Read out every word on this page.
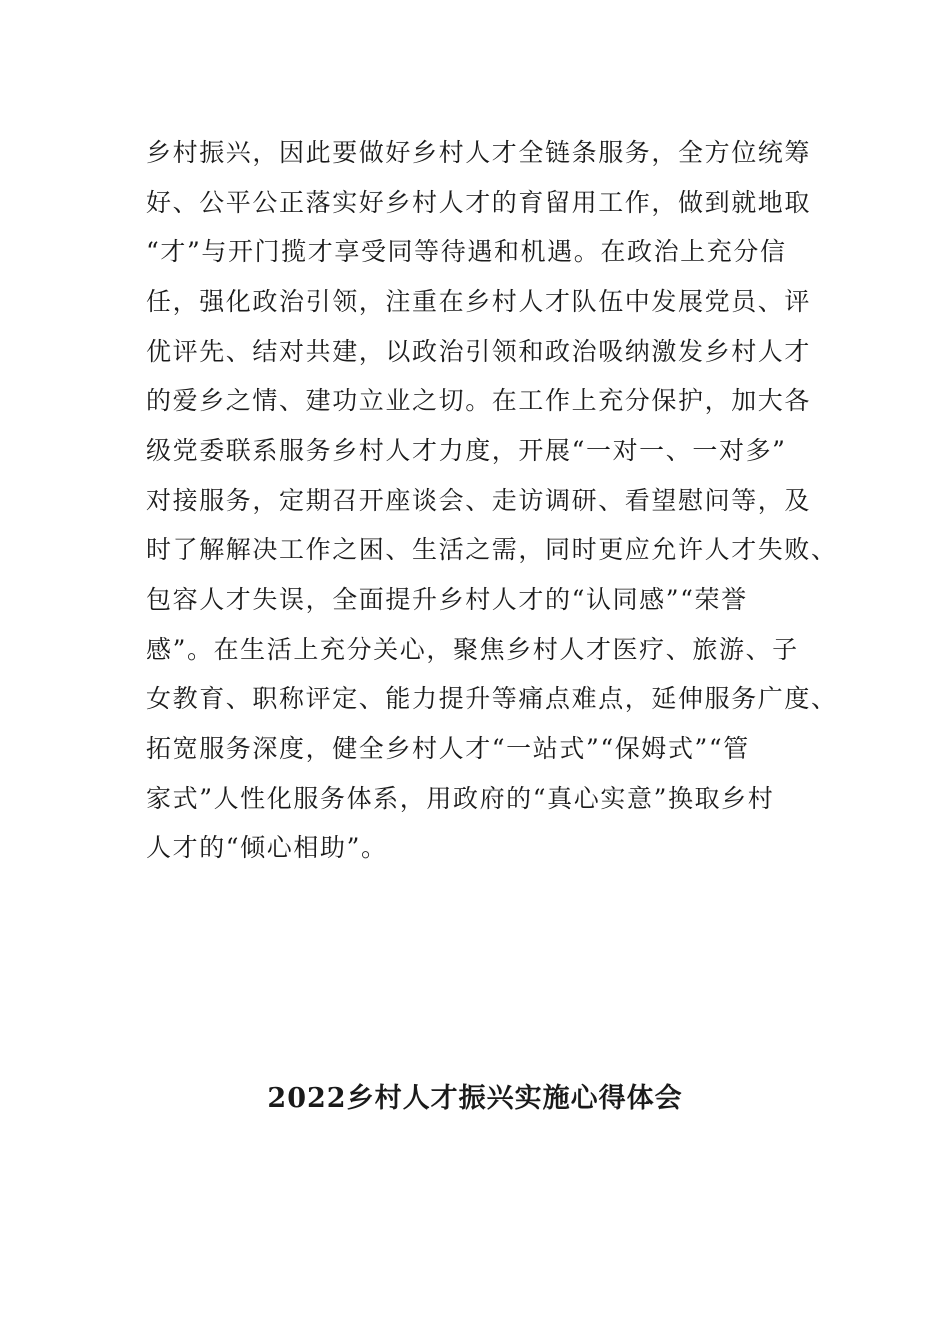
乡村振兴，因此要做好乡村人才全链条服务，全方位统筹
好、公平公正落实好乡村人才的育留用工作，做到就地取
“才”与开门揽才享受同等待遇和机遇。在政治上充分信
任，强化政治引领，注重在乡村人才队伍中发展党员、评
优评先、结对共建，以政治引领和政治吸纳激发乡村人才
的爱乡之情、建功立业之切。在工作上充分保护，加大各
级党委联系服务乡村人才力度，开展“一对一、一对多”
对接服务，定期召开座谈会、走访调研、看望慰问等，及
时了解解决工作之困、生活之需，同时更应允许人才失败、
包容人才失误，全面提升乡村人才的“认同感”“荣誉
感”。在生活上充分关心，聚焦乡村人才医疗、旅游、子
女教育、职称评定、能力提升等痛点难点，延伸服务广度、
拓宽服务深度，健全乡村人才“一站式”“保姆式”“管
家式”人性化服务体系，用政府的“真心实意”换取乡村
人才的“倾心相助”。
2022乡村人才振兴实施心得体会
